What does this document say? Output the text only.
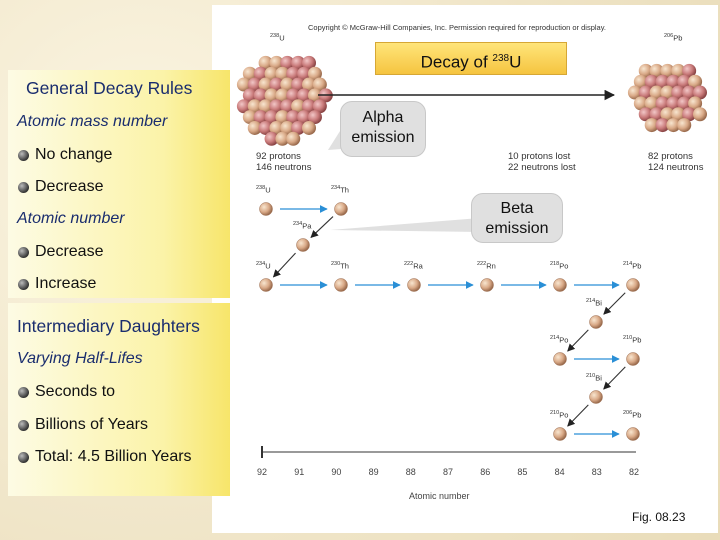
Copyright © McGraw-Hill Companies, Inc. Permission required for reproduction or display.
Decay of $^{238}$U
$^{238}$U	$^{206}$Pb
92 protons
146 neutrons
10 protons lost
22 neutrons lost
82 protons
124 neutrons
Alpha emission
Beta emission
$^{238}$U	$^{234}$Th
$^{234}$Pa
$^{234}$U	$^{230}$Th	$^{222}$Ra	$^{222}$Rn	$^{218}$Po	$^{214}$Pb
$^{214}$Bi
$^{214}$Po	$^{210}$Pb
$^{210}$Bi
$^{210}$Po	$^{206}$Pb
92	91	90	89	88	87	86	85	84	83	82
Atomic number
General Decay Rules
Atomic mass number
No change
Decrease
Atomic number
Decrease
Increase
Intermediary Daughters
Varying Half-Lifes
Seconds to
Billions of Years
Total: 4.5 Billion Years
Fig. 08.23
